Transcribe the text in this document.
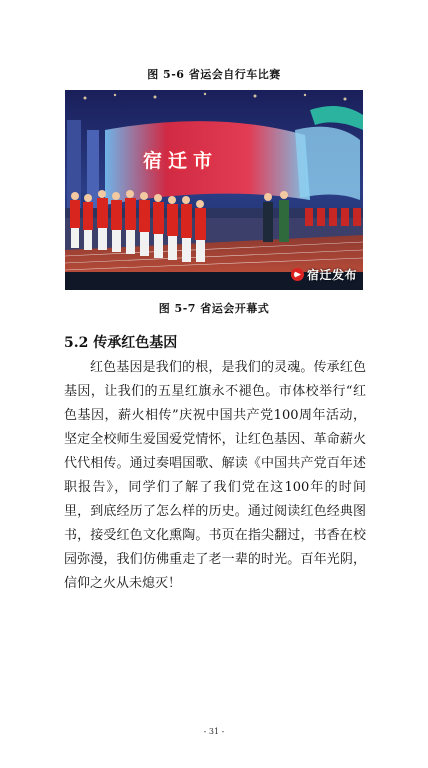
图 5-6 省运会自行车比赛
宿迁市
宿迁发布
图 5-7 省运会开幕式
5.2 传承红色基因
红色基因是我们的根，是我们的灵魂。传承红色基因，让我们的五星红旗永不褪色。市体校举行“红色基因，薪火相传”庆祝中国共产党100周年活动，坚定全校师生爱国爱党情怀，让红色基因、革命薪火代代相传。通过奏唱国歌、解读《中国共产党百年述职报告》，同学们了解了我们党在这100年的时间里，到底经历了怎么样的历史。通过阅读红色经典图书，接受红色文化熏陶。书页在指尖翻过，书香在校园弥漫，我们仿佛重走了老一辈的时光。百年光阴，信仰之火从未熄灭！
- 31 -
